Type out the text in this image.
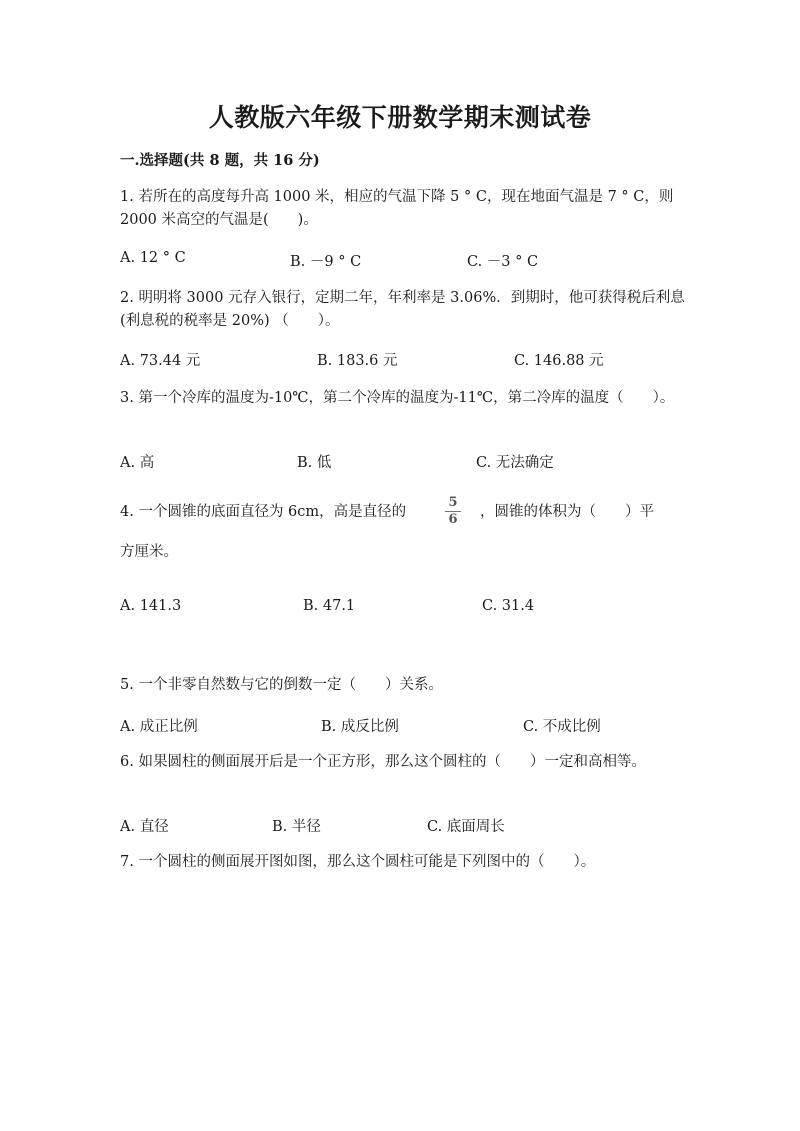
人教版六年级下册数学期末测试卷
一.选择题(共 8 题，共 16 分)
1. 若所在的高度每升高 1000 米，相应的气温下降 5 ° C，现在地面气温是 7 ° C，则 2000 米高空的气温是(　　)。
A. 12 ° C	B. －9 ° C	C. －3 ° C
2. 明明将 3000 元存入银行，定期二年，年利率是 3.06%．到期时，他可获得税后利息(利息税的税率是 20%) （　　）。
A. 73.44 元	B. 183.6 元	C. 146.88 元
3. 第一个冷库的温度为-10℃，第二个冷库的温度为-11℃，第二冷库的温度（　　）。
A. 高	B. 低	C. 无法确定
4. 一个圆锥的底面直径为 6cm，高是直径的
5
6	，圆锥的体积为（　　）平
方厘米。
A. 141.3	B. 47.1	C. 31.4
5. 一个非零自然数与它的倒数一定（　　）关系。
A. 成正比例	B. 成反比例	C. 不成比例
6. 如果圆柱的侧面展开后是一个正方形，那么这个圆柱的（　　）一定和高相等。
A. 直径	B. 半径	C. 底面周长
7. 一个圆柱的侧面展开图如图，那么这个圆柱可能是下列图中的（　　）。
